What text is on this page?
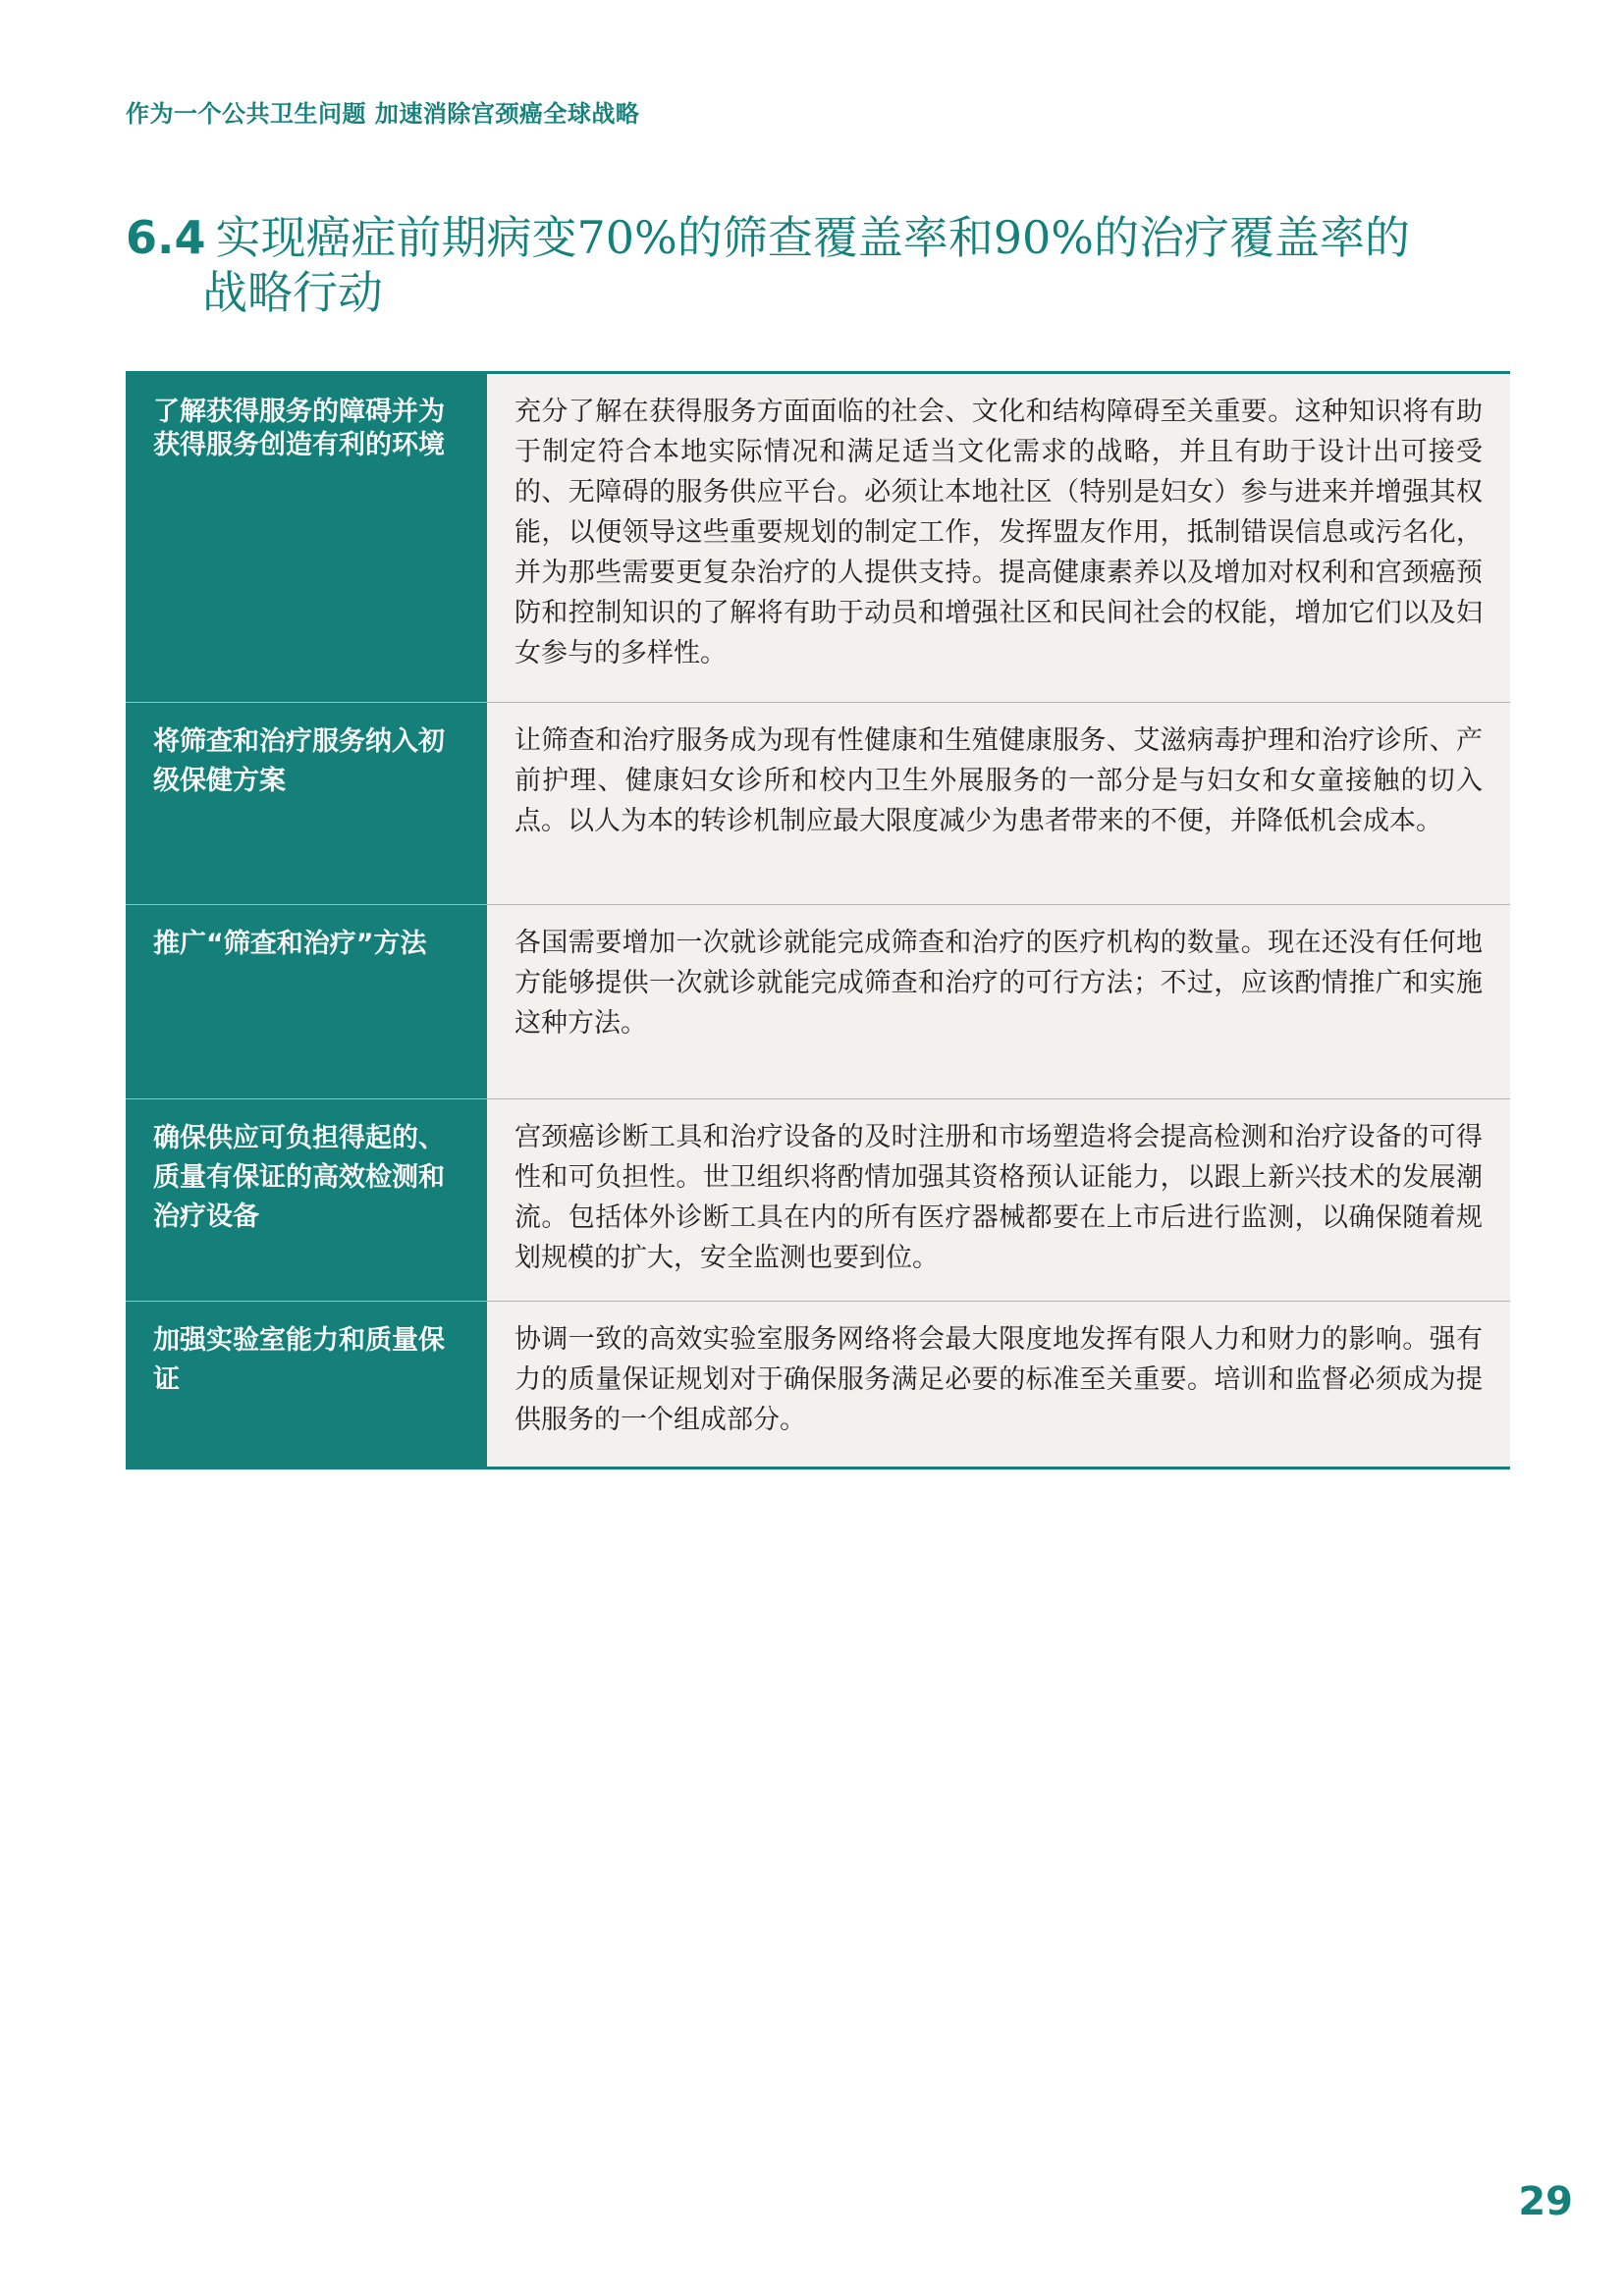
作为一个公共卫生问题 加速消除宫颈癌全球战略
6.4 实现癌症前期病变70%的筛查覆盖率和90%的治疗覆盖率的
战略行动
了解获得服务的障碍并为获得服务创造有利的环境
充分了解在获得服务方面面临的社会、文化和结构障碍至关重要。这种知识将有助于制定符合本地实际情况和满足适当文化需求的战略，并且有助于设计出可接受的、无障碍的服务供应平台。必须让本地社区（特别是妇女）参与进来并增强其权能，以便领导这些重要规划的制定工作，发挥盟友作用，抵制错误信息或污名化，并为那些需要更复杂治疗的人提供支持。提高健康素养以及增加对权利和宫颈癌预防和控制知识的了解将有助于动员和增强社区和民间社会的权能，增加它们以及妇女参与的多样性。
将筛查和治疗服务纳入初级保健方案
让筛查和治疗服务成为现有性健康和生殖健康服务、艾滋病毒护理和治疗诊所、产前护理、健康妇女诊所和校内卫生外展服务的一部分是与妇女和女童接触的切入点。以人为本的转诊机制应最大限度减少为患者带来的不便，并降低机会成本。
推广“筛查和治疗”方法	各国需要增加一次就诊就能完成筛查和治疗的医疗机构的数量。现在还没有任何地方能够提供一次就诊就能完成筛查和治疗的可行方法；不过，应该酌情推广和实施这种方法。
确保供应可负担得起的、质量有保证的高效检测和治疗设备
宫颈癌诊断工具和治疗设备的及时注册和市场塑造将会提高检测和治疗设备的可得性和可负担性。世卫组织将酌情加强其资格预认证能力，以跟上新兴技术的发展潮流。包括体外诊断工具在内的所有医疗器械都要在上市后进行监测，以确保随着规划规模的扩大，安全监测也要到位。
加强实验室能力和质量保证
协调一致的高效实验室服务网络将会最大限度地发挥有限人力和财力的影响。强有力的质量保证规划对于确保服务满足必要的标准至关重要。培训和监督必须成为提供服务的一个组成部分。
29
